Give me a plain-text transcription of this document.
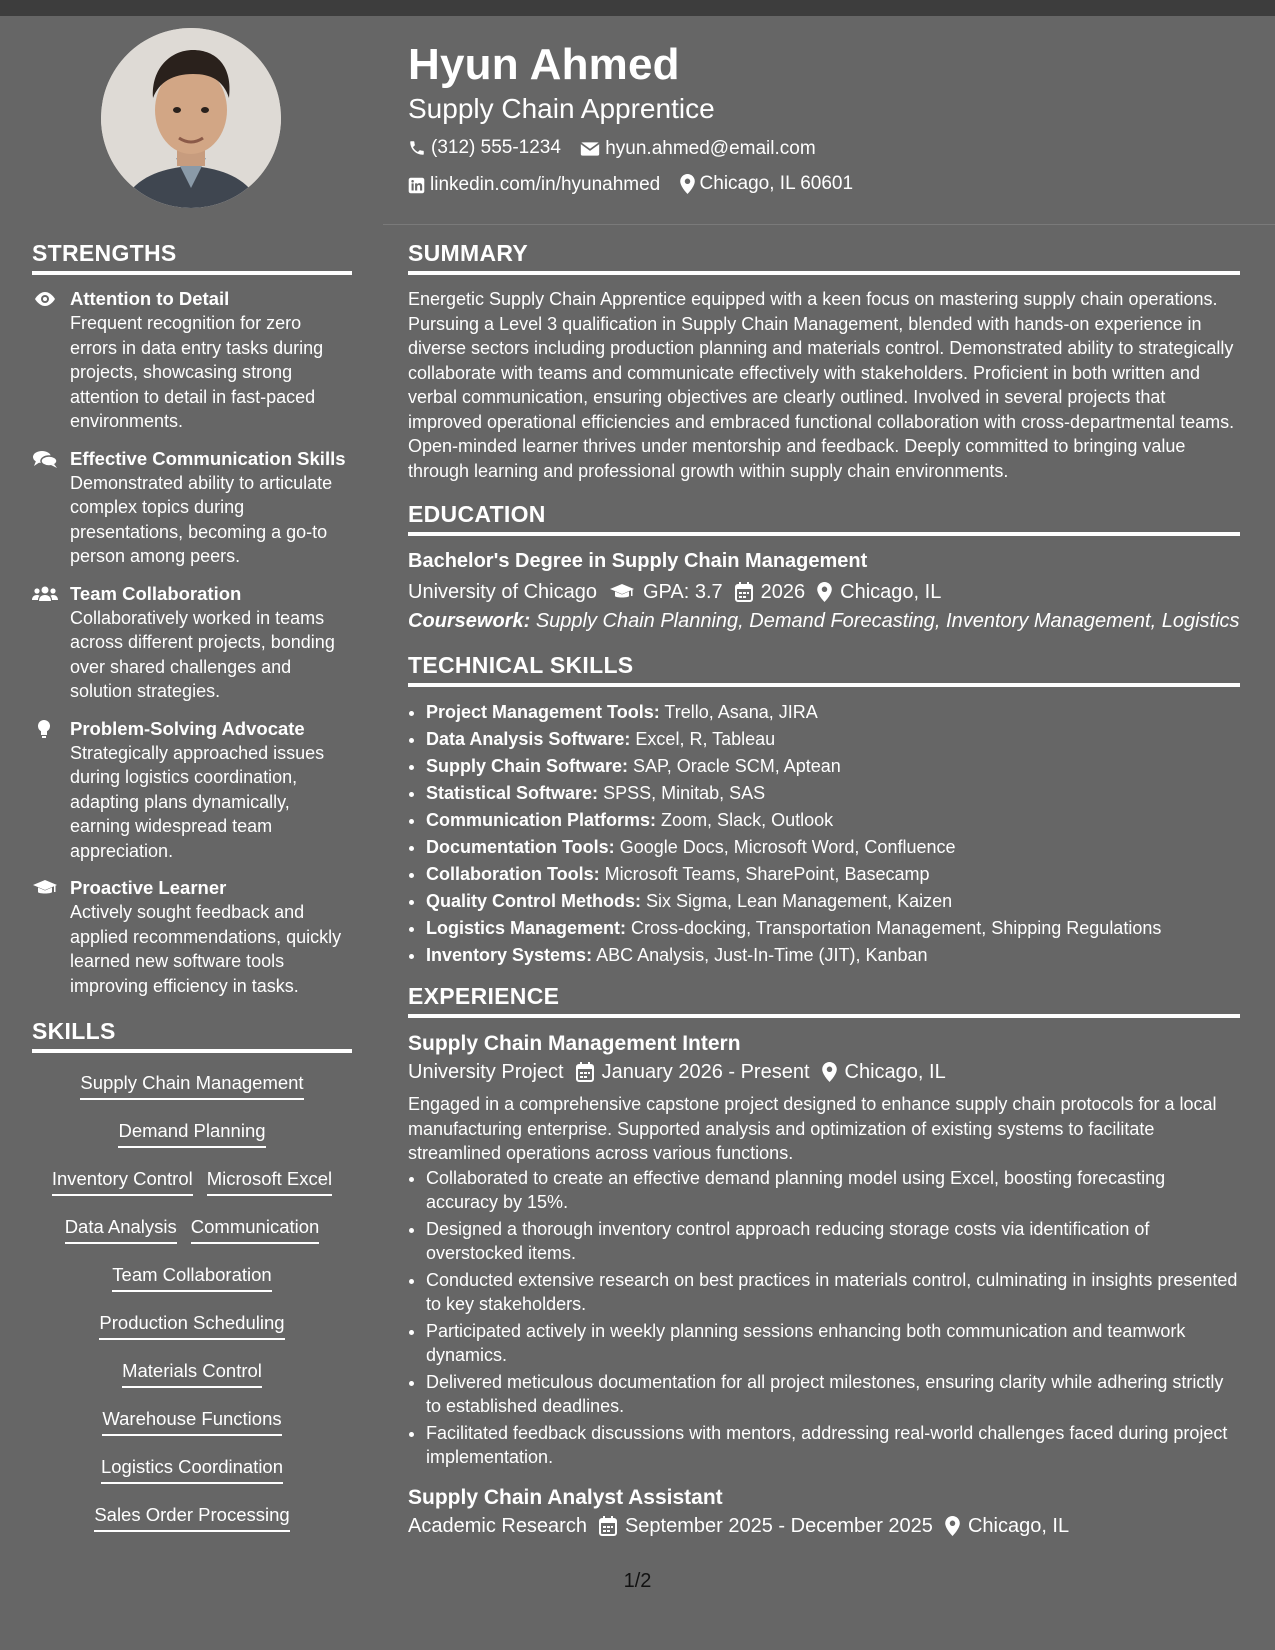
Hyun Ahmed
Supply Chain Apprentice
(312) 555-1234
hyun.ahmed@email.com
linkedin.com/in/hyunahmed
Chicago, IL 60601
STRENGTHS
Attention to Detail
Frequent recognition for zero errors in data entry tasks during projects, showcasing strong attention to detail in fast-paced environments.
Effective Communication Skills
Demonstrated ability to articulate complex topics during presentations, becoming a go-to person among peers.
Team Collaboration
Collaboratively worked in teams across different projects, bonding over shared challenges and solution strategies.
Problem-Solving Advocate
Strategically approached issues during logistics coordination, adapting plans dynamically, earning widespread team appreciation.
Proactive Learner
Actively sought feedback and applied recommendations, quickly learned new software tools improving efficiency in tasks.
SKILLS
Supply Chain Management
Demand Planning
Inventory Control Microsoft Excel
Data Analysis Communication
Team Collaboration
Production Scheduling
Materials Control
Warehouse Functions
Logistics Coordination
Sales Order Processing
SUMMARY

Energetic Supply Chain Apprentice equipped with a keen focus on mastering supply chain operations. Pursuing a Level 3 qualification in Supply Chain Management, blended with hands-on experience in diverse sectors including production planning and materials control. Demonstrated ability to strategically collaborate with teams and communicate effectively with stakeholders. Proficient in both written and verbal communication, ensuring objectives are clearly outlined. Involved in several projects that improved operational efficiencies and embraced functional collaboration with cross-departmental teams. Open-minded learner thrives under mentorship and feedback. Deeply committed to bringing value through learning and professional growth within supply chain environments.

EDUCATION
Bachelor's Degree in Supply Chain Management
University of Chicago GPA: 3.7 2026 Chicago, IL
Coursework: Supply Chain Planning, Demand Forecasting, Inventory Management, Logistics
TECHNICAL SKILLS
• Project Management Tools: Trello, Asana, JIRA
• Data Analysis Software: Excel, R, Tableau
• Supply Chain Software: SAP, Oracle SCM, Aptean
• Statistical Software: SPSS, Minitab, SAS
• Communication Platforms: Zoom, Slack, Outlook
• Documentation Tools: Google Docs, Microsoft Word, Confluence
• Collaboration Tools: Microsoft Teams, SharePoint, Basecamp
• Quality Control Methods: Six Sigma, Lean Management, Kaizen
• Logistics Management: Cross-docking, Transportation Management, Shipping Regulations
• Inventory Systems: ABC Analysis, Just-In-Time (JIT), Kanban
EXPERIENCE
Supply Chain Management Intern
University Project January 2026 - Present Chicago, IL

Engaged in a comprehensive capstone project designed to enhance supply chain protocols for a local manufacturing enterprise. Supported analysis and optimization of existing systems to facilitate streamlined operations across various functions.

• Collaborated to create an effective demand planning model using Excel, boosting forecasting accuracy by 15%.
• Designed a thorough inventory control approach reducing storage costs via identification of overstocked items.
• Conducted extensive research on best practices in materials control, culminating in insights presented to key stakeholders.
• Participated actively in weekly planning sessions enhancing both communication and teamwork dynamics.
• Delivered meticulous documentation for all project milestones, ensuring clarity while adhering strictly to established deadlines.
• Facilitated feedback discussions with mentors, addressing real-world challenges faced during project implementation.
Supply Chain Analyst Assistant
Academic Research September 2025 - December 2025 Chicago, IL
1/2
